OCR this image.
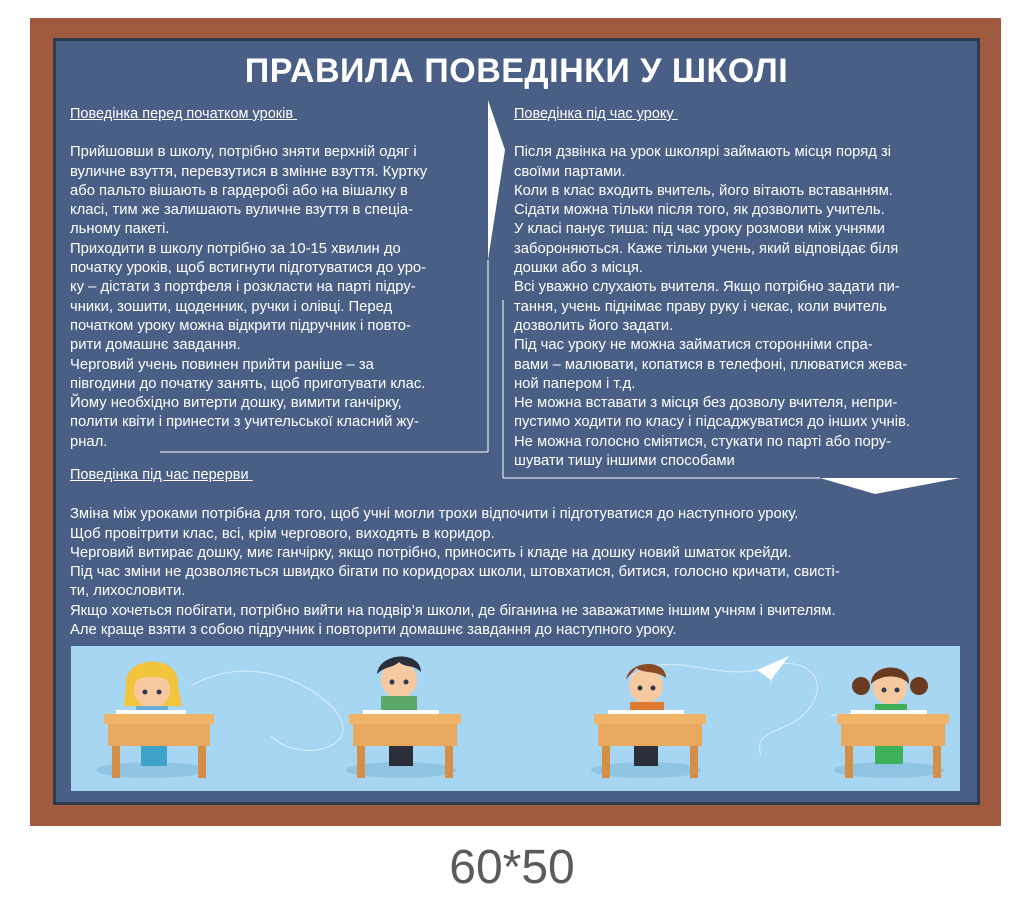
ПРАВИЛА ПОВЕДІНКИ У ШКОЛІ

Поведінка перед початком уроків

Прийшовши в школу, потрібно зняти верхній одяг і
вуличне взуття, перевзутися в змінне взуття. Куртку
або пальто вішають в гардеробі або на вішалку в
класі, тим же залишають вуличне взуття в спеціа-
льному пакеті.
Приходити в школу потрібно за 10-15 хвилин до
початку уроків, щоб встигнути підготуватися до уро-
ку – дістати з портфеля і розкласти на парті підру-
чники, зошити, щоденник, ручки і олівці. Перед
початком уроку можна відкрити підручник і повто-
рити домашнє завдання.
Черговий учень повинен прийти раніше – за
півгодини до початку занять, щоб приготувати клас.
Йому необхідно витерти дошку, вимити ганчірку,
полити квіти і принести з учительської класний жу-
рнал.

Поведінка під час уроку

Після дзвінка на урок школярі займають місця поряд зі
своїми партами.
Коли в клас входить вчитель, його вітають вставанням.
Сідати можна тільки після того, як дозволить учитель.
У класі панує тиша: під час уроку розмови між учнями
забороняються. Каже тільки учень, який відповідає біля
дошки або з місця.
Всі уважно слухають вчителя. Якщо потрібно задати пи-
тання, учень піднімає праву руку і чекає, коли вчитель
дозволить його задати.
Під час уроку не можна займатися сторонніми спра-
вами – малювати, копатися в телефоні, плюватися жева-
ной папером і т.д.
Не можна вставати з місця без дозволу вчителя, непри-
пустимо ходити по класу і підсаджуватися до інших учнів.
Не можна голосно сміятися, стукати по парті або пору-
шувати тишу іншими способами

Поведінка під час перерви

Зміна між уроками потрібна для того, щоб учні могли трохи відпочити і підготуватися до наступного уроку.
Щоб провітрити клас, всі, крім чергового, виходять в коридор.
Черговий витирає дошку, миє ганчірку, якщо потрібно, приносить і кладе на дошку новий шматок крейди.
Під час зміни не дозволяється швидко бігати по коридорах школи, штовхатися, битися, голосно кричати, свисті-
ти, лихословити.
Якщо хочеться побігати, потрібно вийти на подвір’я школи, де біганина не заважатиме іншим учням і вчителям.
Але краще взяти з собою підручник і повторити домашнє завдання до наступного уроку.

60*50
